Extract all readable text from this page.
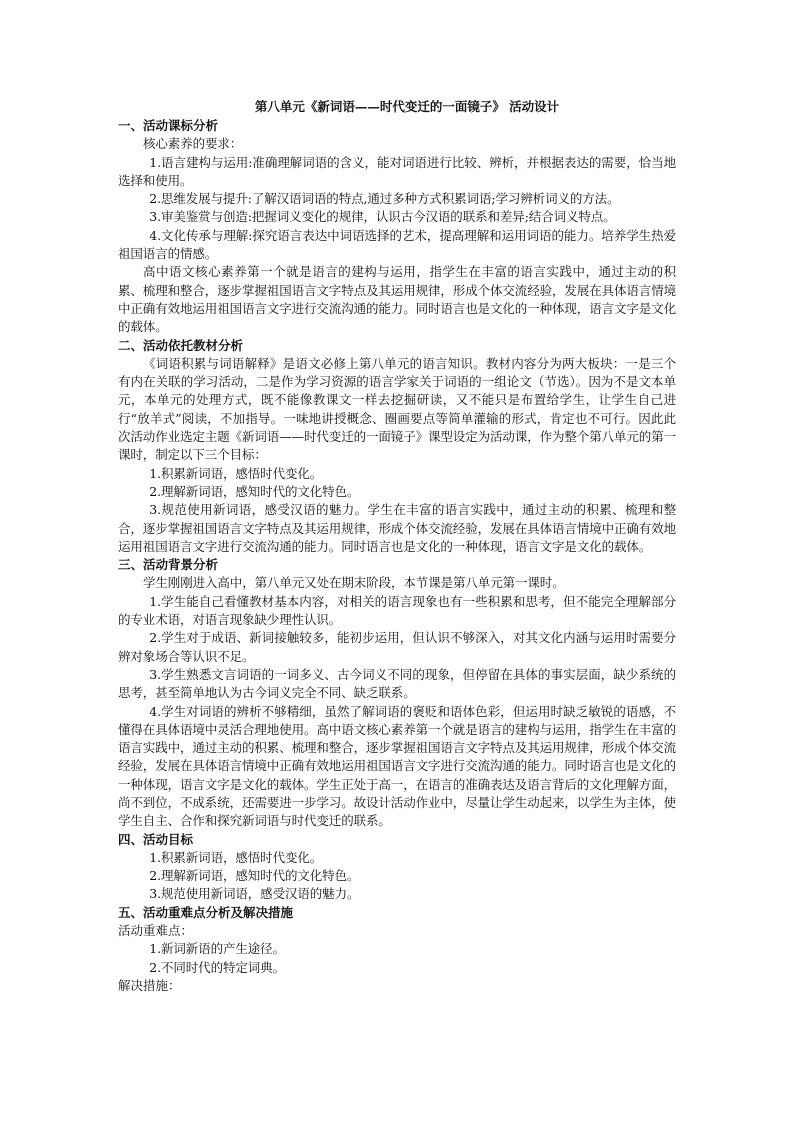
第八单元《新词语——时代变迁的一面镜子》 活动设计
一、活动课标分析
核心素养的要求：
1.语言建构与运用:准确理解词语的含义，能对词语进行比较、辨析，并根据表达的需要，恰当地选择和使用。
2.思维发展与提升:了解汉语词语的特点,通过多种方式积累词语;学习辨析词义的方法。
3.审美鉴赏与创造:把握词义变化的规律，认识古今汉语的联系和差异;结合词义特点。
4.文化传承与理解:探究语言表达中词语选择的艺术，提高理解和运用词语的能力。培养学生热爱祖国语言的情感。
高中语文核心素养第一个就是语言的建构与运用，指学生在丰富的语言实践中，通过主动的积累、梳理和整合，逐步掌握祖国语言文字特点及其运用规律，形成个体交流经验，发展在具体语言情境中正确有效地运用祖国语言文字进行交流沟通的能力。同时语言也是文化的一种体现，语言文字是文化的载体。
二、活动依托教材分析
《词语积累与词语解释》是语文必修上第八单元的语言知识。教材内容分为两大板块：一是三个有内在关联的学习活动，二是作为学习资源的语言学家关于词语的一组论文（节选）。因为不是文本单元，本单元的处理方式，既不能像教课文一样去挖掘研读，又不能只是布置给学生，让学生自己进行“放羊式”阅读，不加指导。一味地讲授概念、圈画要点等简单灌输的形式，肯定也不可行。因此此次活动作业选定主题《新词语——时代变迁的一面镜子》课型设定为活动课，作为整个第八单元的第一课时，制定以下三个目标：
1.积累新词语，感悟时代变化。
2.理解新词语，感知时代的文化特色。
3.规范使用新词语，感受汉语的魅力。学生在丰富的语言实践中，通过主动的积累、梳理和整合，逐步掌握祖国语言文字特点及其运用规律，形成个体交流经验，发展在具体语言情境中正确有效地运用祖国语言文字进行交流沟通的能力。同时语言也是文化的一种体现，语言文字是文化的载体。
三、活动背景分析
学生刚刚进入高中，第八单元又处在期末阶段，本节课是第八单元第一课时。
1.学生能自己看懂教材基本内容，对相关的语言现象也有一些积累和思考，但不能完全理解部分的专业术语，对语言现象缺少理性认识。
2.学生对于成语、新词接触较多，能初步运用，但认识不够深入，对其文化内涵与运用时需要分辨对象场合等认识不足。
3.学生熟悉文言词语的一词多义、古今词义不同的现象，但停留在具体的事实层面，缺少系统的思考，甚至简单地认为古今词义完全不同、缺乏联系。
4.学生对词语的辨析不够精细，虽然了解词语的褒贬和语体色彩，但运用时缺乏敏锐的语感，不懂得在具体语境中灵活合理地使用。高中语文核心素养第一个就是语言的建构与运用，指学生在丰富的语言实践中，通过主动的积累、梳理和整合，逐步掌握祖国语言文字特点及其运用规律，形成个体交流经验，发展在具体语言情境中正确有效地运用祖国语言文字进行交流沟通的能力。同时语言也是文化的一种体现，语言文字是文化的载体。学生正处于高一，在语言的准确表达及语言背后的文化理解方面，尚不到位，不成系统，还需要进一步学习。故设计活动作业中，尽量让学生动起来，以学生为主体，使学生自主、合作和探究新词语与时代变迁的联系。
四、活动目标
1.积累新词语，感悟时代变化。
2.理解新词语，感知时代的文化特色。
3.规范使用新词语，感受汉语的魅力。
五、活动重难点分析及解决措施
活动重难点：
1.新词新语的产生途径。
2.不同时代的特定词典。
解决措施：
